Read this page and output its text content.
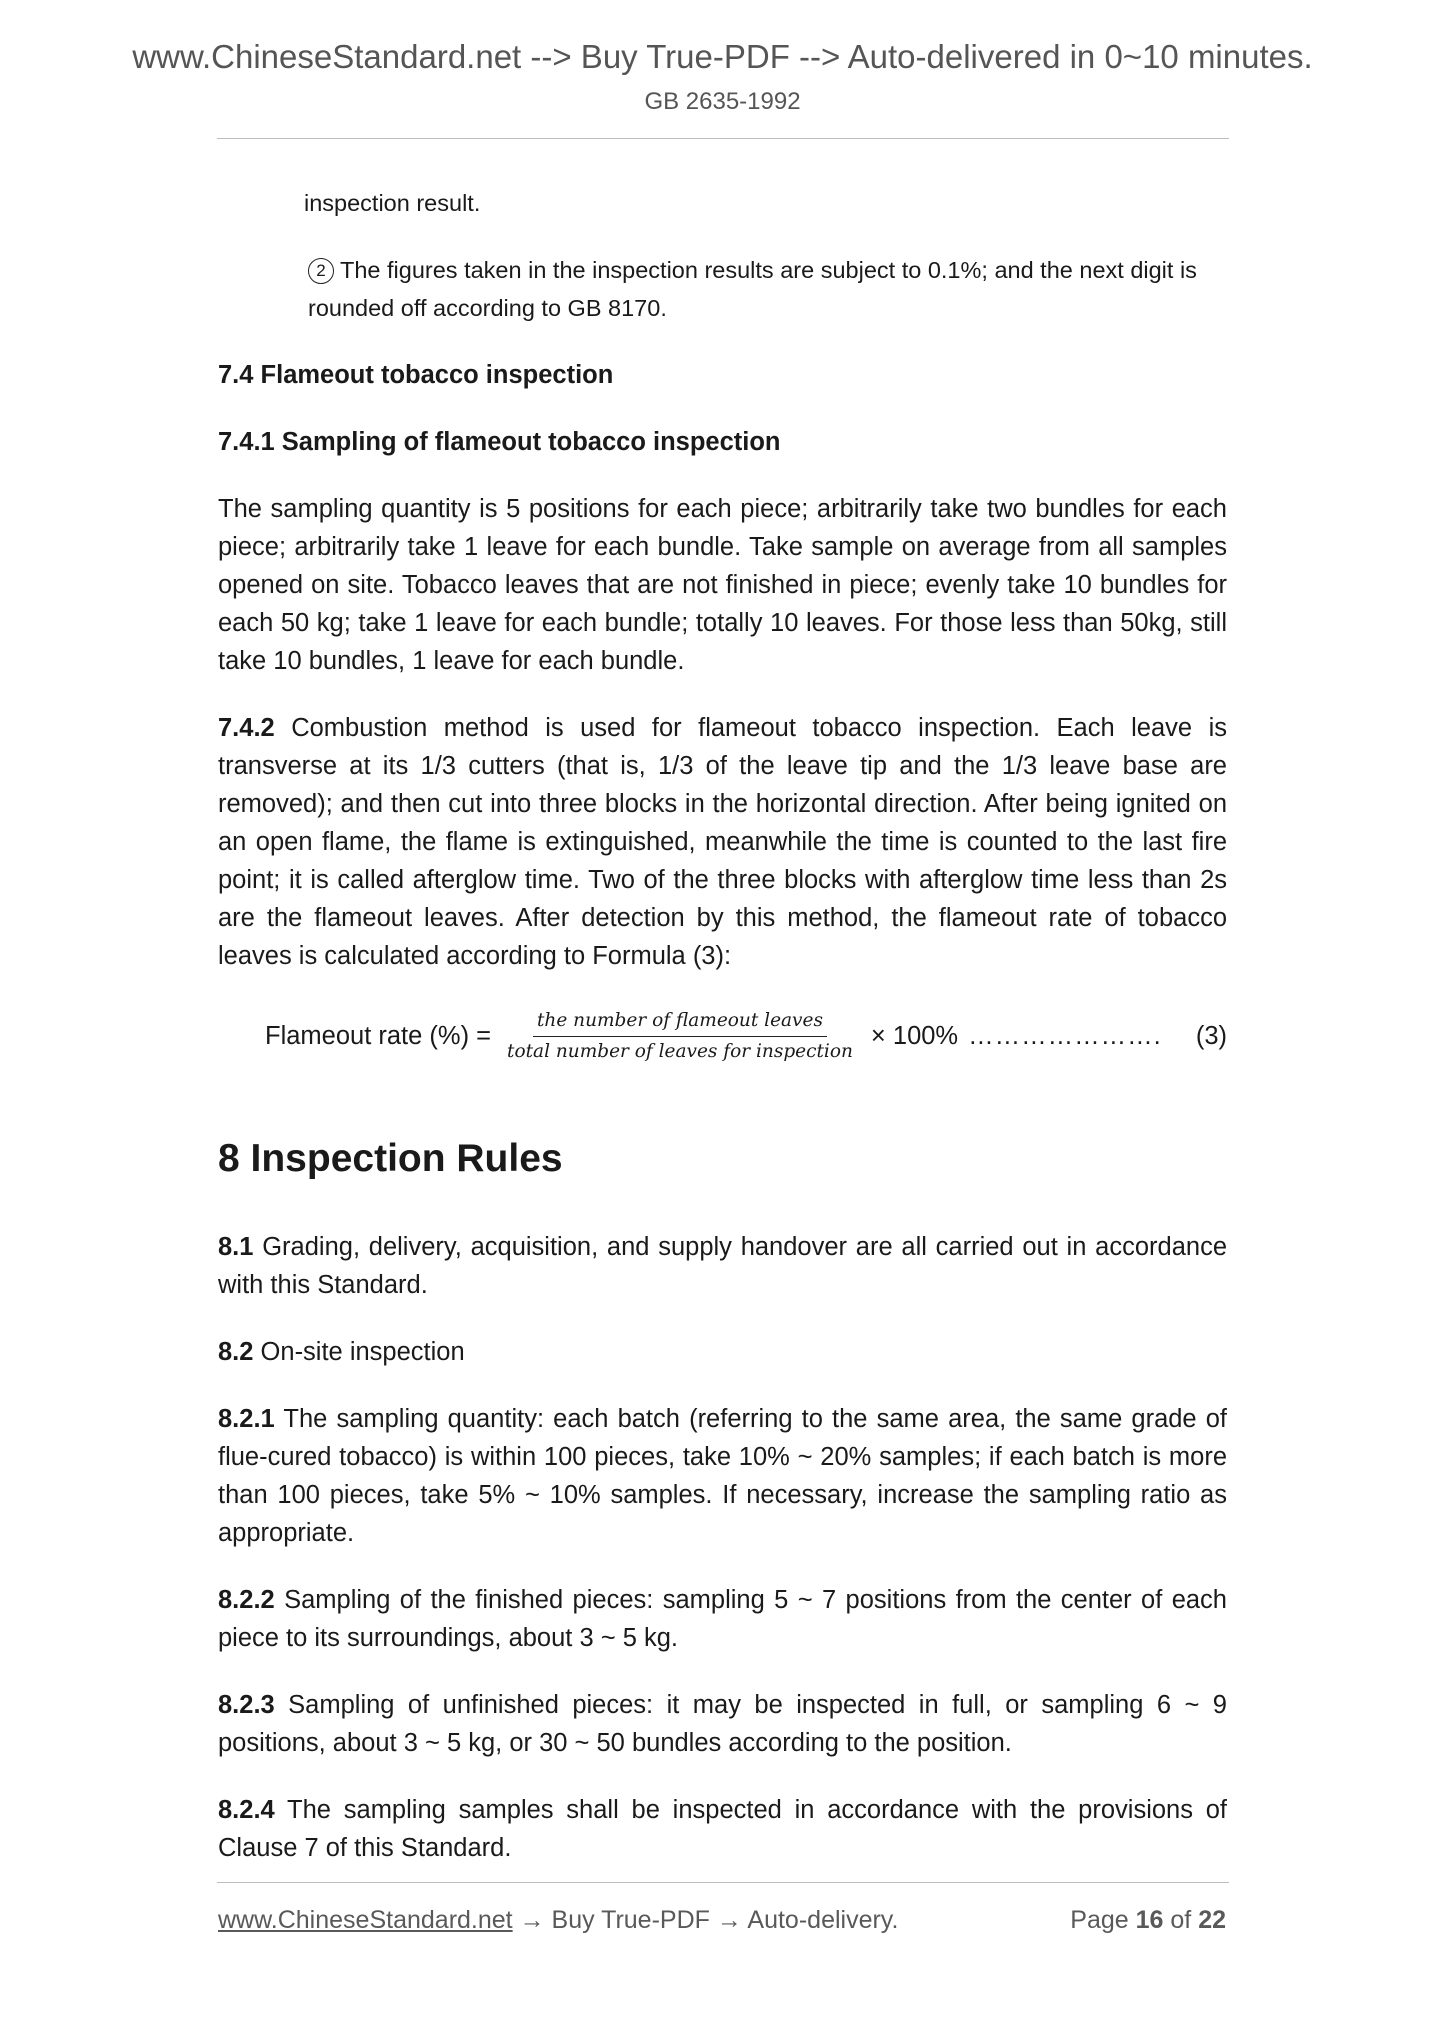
www.ChineseStandard.net --> Buy True-PDF --> Auto-delivered in 0~10 minutes.
GB 2635-1992

inspection result.

2 The figures taken in the inspection results are subject to 0.1%; and the next digit is rounded off according to GB 8170.

7.4 Flameout tobacco inspection

7.4.1 Sampling of flameout tobacco inspection

The sampling quantity is 5 positions for each piece; arbitrarily take two bundles for each piece; arbitrarily take 1 leave for each bundle. Take sample on average from all samples opened on site. Tobacco leaves that are not finished in piece; evenly take 10 bundles for each 50 kg; take 1 leave for each bundle; totally 10 leaves. For those less than 50kg, still take 10 bundles, 1 leave for each bundle.

7.4.2 Combustion method is used for flameout tobacco inspection. Each leave is transverse at its 1/3 cutters (that is, 1/3 of the leave tip and the 1/3 leave base are removed); and then cut into three blocks in the horizontal direction. After being ignited on an open flame, the flame is extinguished, meanwhile the time is counted to the last fire point; it is called afterglow time. Two of the three blocks with afterglow time less than 2s are the flameout leaves. After detection by this method, the flameout rate of tobacco leaves is calculated according to Formula (3):

Flameout rate (%) = $\frac{\text{the number of flameout leaves}}{\text{total number of leaves for inspection}} \times 100\%$ ………………….	(3)
8 Inspection Rules

8.1 Grading, delivery, acquisition, and supply handover are all carried out in accordance with this Standard.

8.2 On-site inspection

8.2.1 The sampling quantity: each batch (referring to the same area, the same grade of flue-cured tobacco) is within 100 pieces, take 10% ~ 20% samples; if each batch is more than 100 pieces, take 5% ~ 10% samples. If necessary, increase the sampling ratio as appropriate.

8.2.2 Sampling of the finished pieces: sampling 5 ~ 7 positions from the center of each piece to its surroundings, about 3 ~ 5 kg.

8.2.3 Sampling of unfinished pieces: it may be inspected in full, or sampling 6 ~ 9 positions, about 3 ~ 5 kg, or 30 ~ 50 bundles according to the position.

8.2.4 The sampling samples shall be inspected in accordance with the provisions of Clause 7 of this Standard.

www.ChineseStandard.net → Buy True-PDF → Auto-delivery.	Page 16 of 22
